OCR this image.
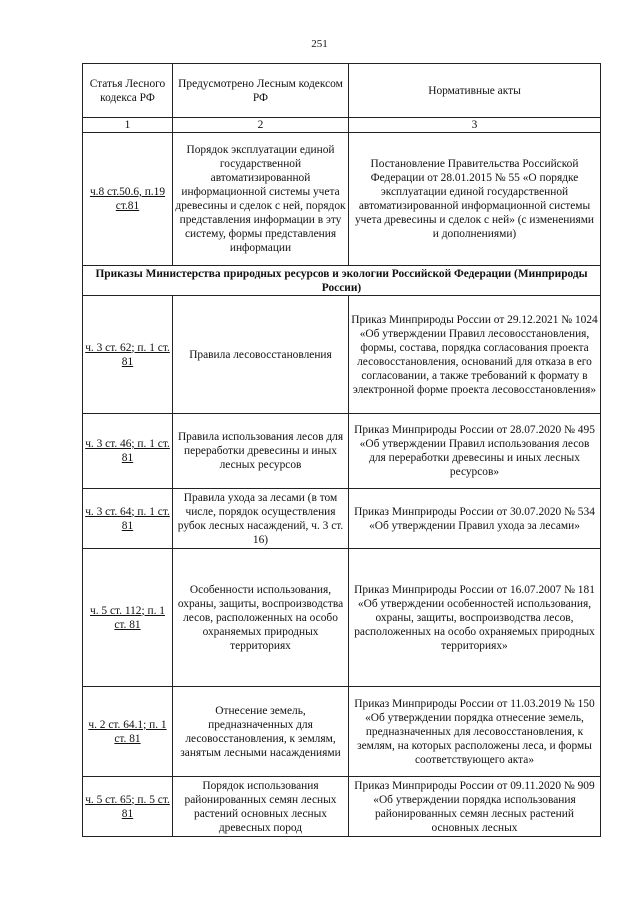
251
Статья Лесного кодекса РФ	Предусмотрено Лесным кодексом РФ	Нормативные акты
1	2	3
ч.8 ст.50.6, п.19 ст.81	Порядок эксплуатации единой государственной автоматизированной информационной системы учета древесины и сделок с ней, порядок представления информации в эту систему, формы представления информации	Постановление Правительства Российской Федерации от 28.01.2015 № 55 «О порядке эксплуатации единой государственной автоматизированной информационной системы учета древесины и сделок с ней» (с изменениями и дополнениями)
Приказы Министерства природных ресурсов и экологии Российской Федерации (Минприроды России)		
ч. 3 ст. 62; п. 1 ст. 81	Правила лесовосстановления	Приказ Минприроды России от 29.12.2021 № 1024 «Об утверждении Правил лесовосстановления, формы, состава, порядка согласования проекта лесовосстановления, оснований для отказа в его согласовании, а также требований к формату в электронной форме проекта лесовосстановления»
ч. 3 ст. 46; п. 1 ст. 81	Правила использования лесов для переработки древесины и иных лесных ресурсов	Приказ Минприроды России от 28.07.2020 № 495 «Об утверждении Правил использования лесов для переработки древесины и иных лесных ресурсов»
ч. 3 ст. 64; п. 1 ст. 81	Правила ухода за лесами (в том числе, порядок осуществления рубок лесных насаждений, ч. 3 ст. 16)	Приказ Минприроды России от 30.07.2020 № 534 «Об утверждении Правил ухода за лесами»
ч. 5 ст. 112; п. 1 ст. 81	Особенности использования, охраны, защиты, воспроизводства лесов, расположенных на особо охраняемых природных территориях	Приказ Минприроды России от 16.07.2007 № 181 «Об утверждении особенностей использования, охраны, защиты, воспроизводства лесов, расположенных на особо охраняемых природных территориях»
ч. 2 ст. 64.1; п. 1 ст. 81	Отнесение земель, предназначенных для лесовосстановления, к землям, занятым лесными насаждениями	Приказ Минприроды России от 11.03.2019 № 150 «Об утверждении порядка отнесение земель, предназначенных для лесовосстановления, к землям, на которых расположены леса, и формы соответствующего акта»
ч. 5 ст. 65; п. 5 ст. 81	Порядок использования районированных семян лесных растений основных лесных древесных пород	Приказ Минприроды России от 09.11.2020 № 909 «Об утверждении порядка использования районированных семян лесных растений основных лесных
